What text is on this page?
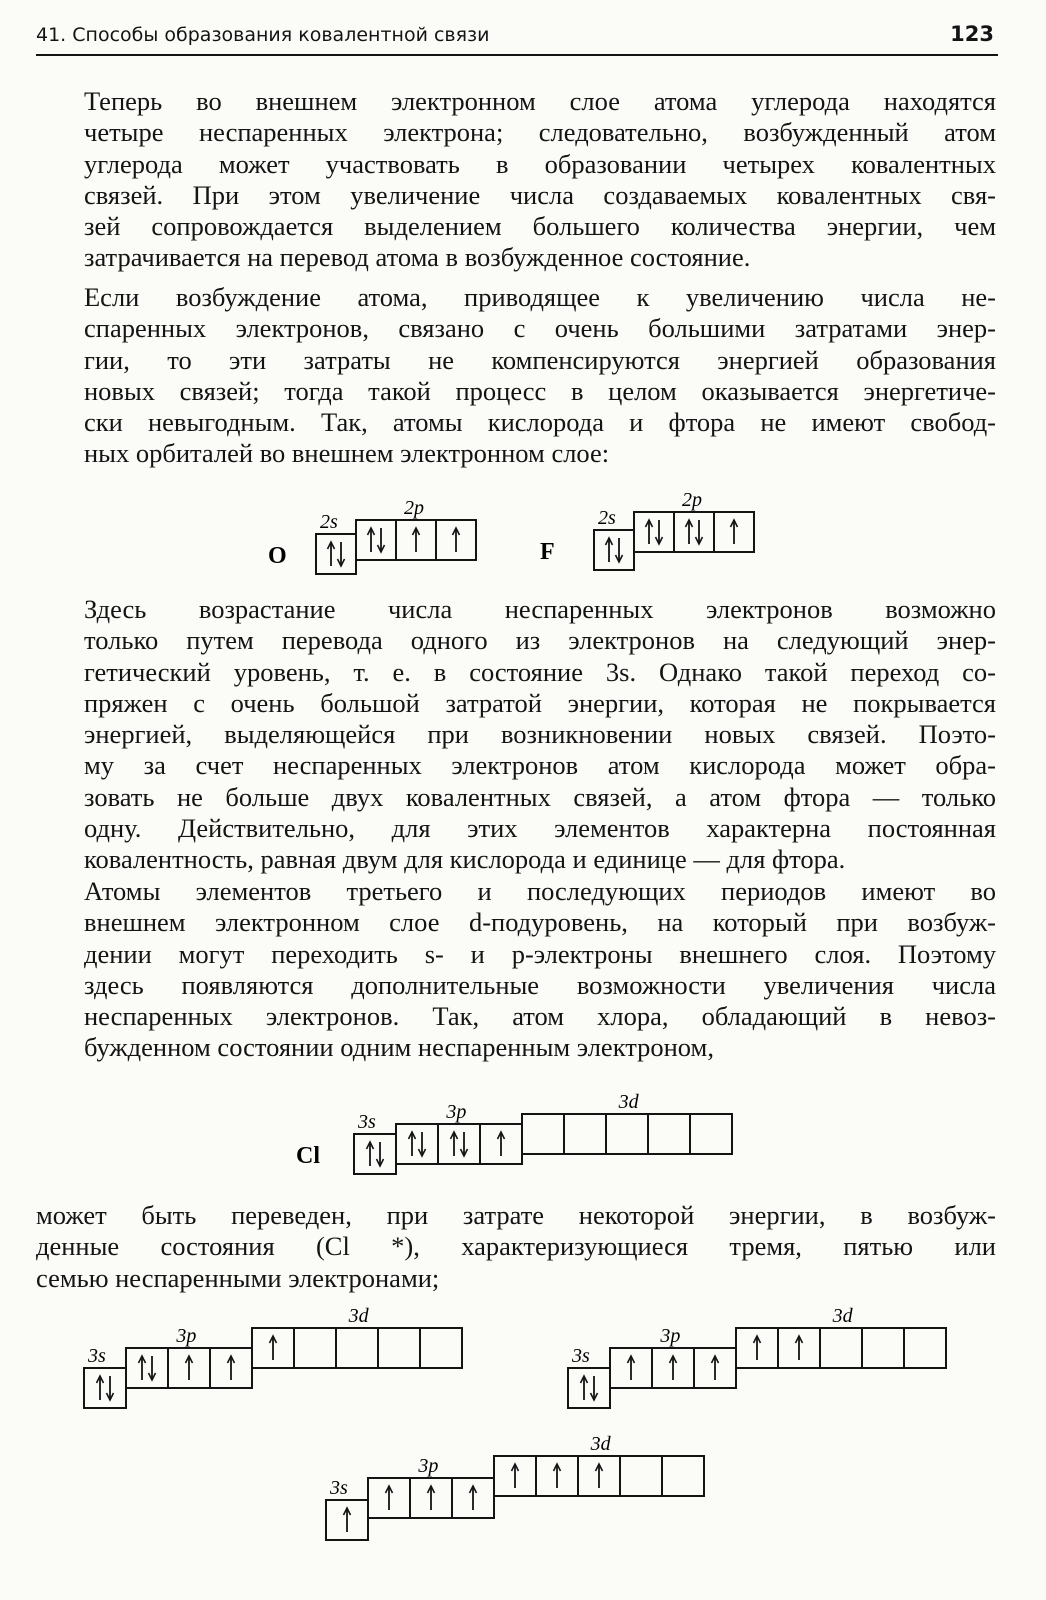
41. Способы образования ковалентной связи	123
Теперь во внешнем электронном слое атома углерода находятся
четыре неспаренных электрона; следовательно, возбужденный атом
углерода может участвовать в образовании четырех ковалентных
связей. При этом увеличение числа создаваемых ковалентных свя-
зей сопровождается выделением большего количества энергии, чем
затрачивается на перевод атома в возбужденное состояние.
Если возбуждение атома, приводящее к увеличению числа не-
спаренных электронов, связано с очень большими затратами энер-
гии, то эти затраты не компенсируются энергией образования
новых связей; тогда такой процесс в целом оказывается энергетиче-
ски невыгодным. Так, атомы кислорода и фтора не имеют свобод-
ных орбиталей во внешнем электронном слое:
O
2s
2p
F
2s
2p
Здесь возрастание числа неспаренных электронов возможно
только путем перевода одного из электронов на следующий энер-
гетический уровень, т. е. в состояние 3s. Однако такой переход со-
пряжен с очень большой затратой энергии, которая не покрывается
энергией, выделяющейся при возникновении новых связей. Поэто-
му за счет неспаренных электронов атом кислорода может обра-
зовать не больше двух ковалентных связей, а атом фтора — только
одну. Действительно, для этих элементов характерна постоянная
ковалентность, равная двум для кислорода и единице — для фтора.
Атомы элементов третьего и последующих периодов имеют во
внешнем электронном слое d-подуровень, на который при возбуж-
дении могут переходить s- и p-электроны внешнего слоя. Поэтому
здесь появляются дополнительные возможности увеличения числа
неспаренных электронов. Так, атом хлора, обладающий в невоз-
бужденном состоянии одним неспаренным электроном,
Cl
3s	3p	3d
может быть переведен, при затрате некоторой энергии, в возбуж-
денные состояния (Cl *), характеризующиеся тремя, пятью или
семью неспаренными электронами;
3s
3p
3d
3s
3p
3d
3s
3p
3d
